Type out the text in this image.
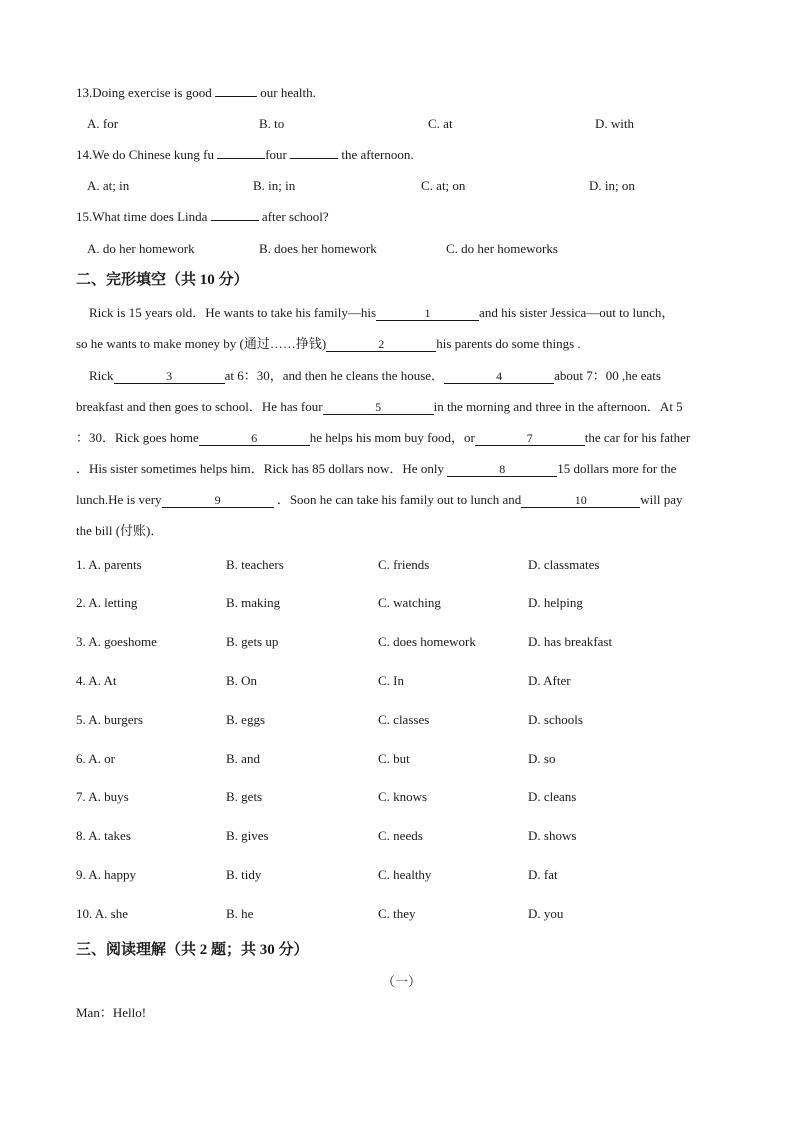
13.Doing exercise is good	our health.
A. for	B. to	C. at	D. with
14.We do Chinese kung fu	four	the afternoon.
A. at; in	B. in; in	C. at; on	D. in; on
15.What time does Linda	after school?
A. do her homework	B. does her homework	C. do her homeworks
二、完形填空（共 10 分）
Rick is 15 years old．He wants to take his family—his	1	and his sister Jessica—out to lunch，
so he wants to make money by (通过……挣钱)	2	his parents do some things .
Rick	3	at 6：30，and then he cleans the house．	4	about 7：00 ,he eats
breakfast and then goes to school．He has four	5	in the morning and three in the afternoon．At 5
：30．Rick goes home	6	he helps his mom buy food，or	7	the car for his father
．His sister sometimes helps him．Rick has 85 dollars now．He only	8	15 dollars more for the
lunch.He is very	9	．Soon he can take his family out to lunch and	10	will pay
the bill (付账)．
1. A. parents	B. teachers	C. friends	D. classmates
2. A. letting	B. making	C. watching	D. helping
3. A. goeshome	B. gets up	C. does homework	D. has breakfast
4. A. At	B. On	C. In	D. After
5. A. burgers	B. eggs	C. classes	D. schools
6. A. or	B. and	C. but	D. so
7. A. buys	B. gets	C. knows	D. cleans
8. A. takes	B. gives	C. needs	D. shows
9. A. happy	B. tidy	C. healthy	D. fat
10. A. she	B. he	C. they	D. you
三、阅读理解（共 2 题；共 30 分）
（一）
Man：Hello!
